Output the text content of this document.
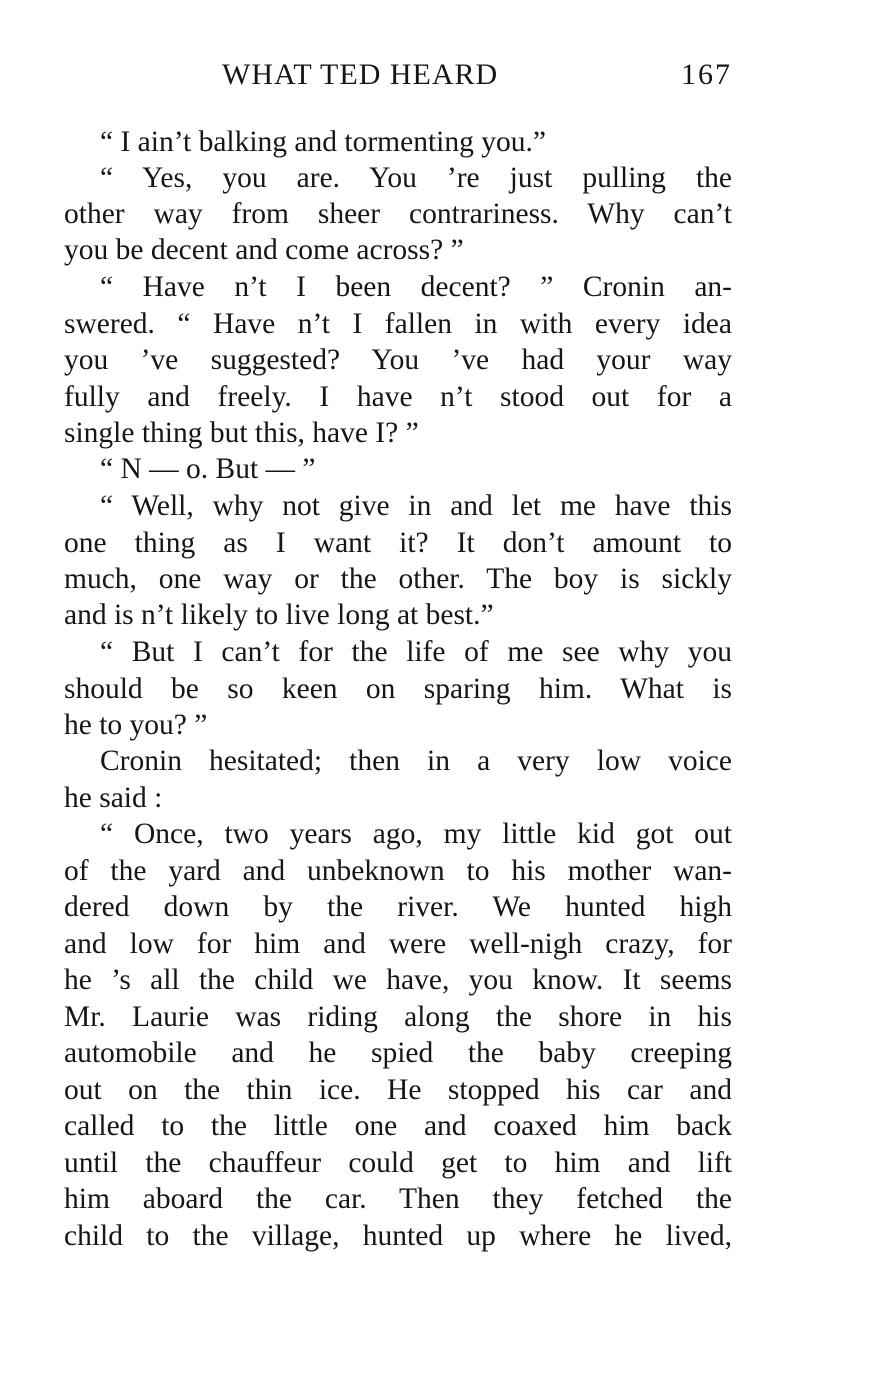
WHAT TED HEARD	167
“ I ain’t balking and tormenting you.”
“ Yes, you are. You ’re just pulling the
other way from sheer contrariness. Why can’t
you be decent and come across? ”
“ Have n’t I been decent? ” Cronin an-
swered. “ Have n’t I fallen in with every idea
you ’ve suggested? You ’ve had your way
fully and freely. I have n’t stood out for a
single thing but this, have I? ”
“ N — o. But — ”
“ Well, why not give in and let me have this
one thing as I want it? It don’t amount to
much, one way or the other. The boy is sickly
and is n’t likely to live long at best.”
“ But I can’t for the life of me see why you
should be so keen on sparing him. What is
he to you? ”
Cronin hesitated; then in a very low voice
he said :
“ Once, two years ago, my little kid got out
of the yard and unbeknown to his mother wan-
dered down by the river. We hunted high
and low for him and were well-nigh crazy, for
he ’s all the child we have, you know. It seems
Mr. Laurie was riding along the shore in his
automobile and he spied the baby creeping
out on the thin ice. He stopped his car and
called to the little one and coaxed him back
until the chauffeur could get to him and lift
him aboard the car. Then they fetched the
child to the village, hunted up where he lived,
